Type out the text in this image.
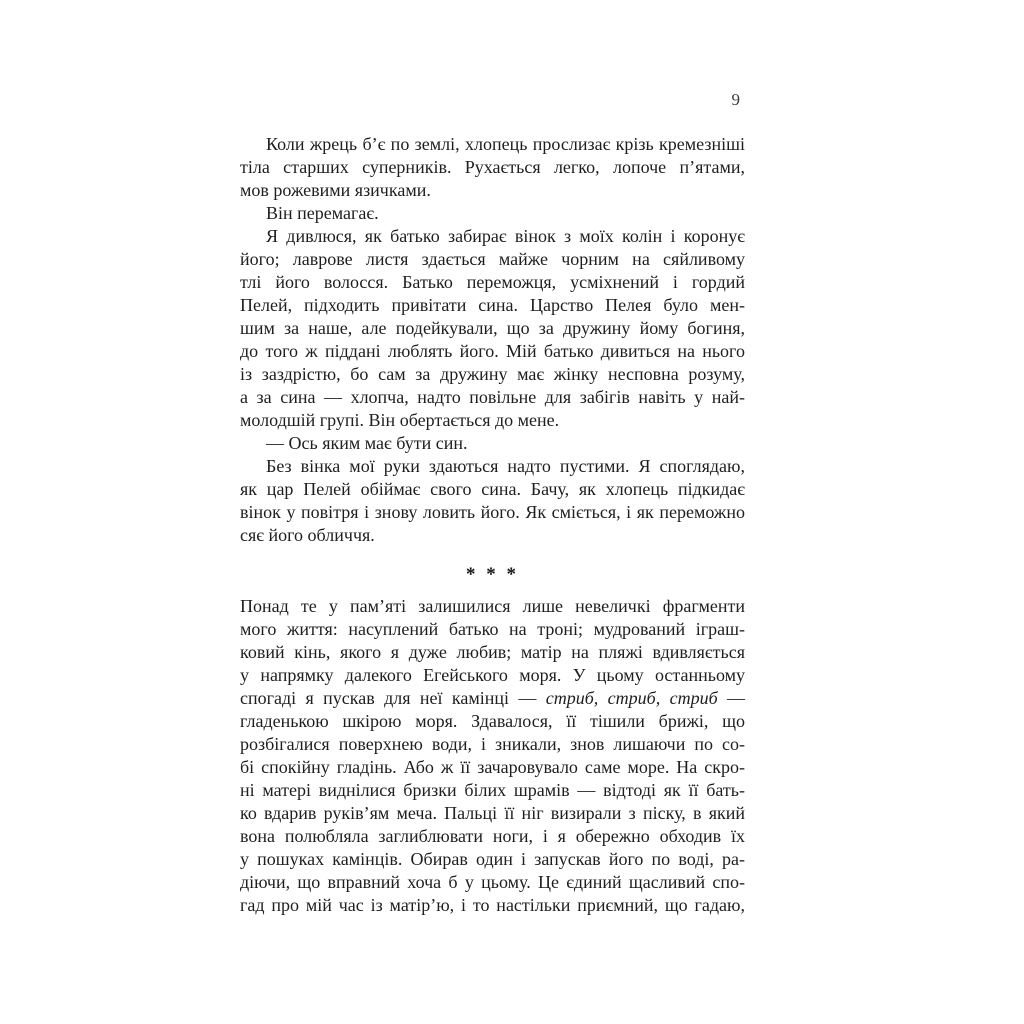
9
Коли жрець б’є по землі, хлопець прослизає крізь кремезніші
тіла старших суперників. Рухається легко, лопоче п’ятами,
мов рожевими язичками.
Він перемагає.
Я дивлюся, як батько забирає вінок з моїх колін і коронує
його; лаврове листя здається майже чорним на сяйливому
тлі його волосся. Батько переможця, усміхнений і гордий
Пелей, підходить привітати сина. Царство Пелея було мен-
шим за наше, але подейкували, що за дружину йому богиня,
до того ж піддані люблять його. Мій батько дивиться на нього
із заздрістю, бо сам за дружину має жінку несповна розуму,
а за сина — хлопча, надто повільне для забігів навіть у най-
молодшій групі. Він обертається до мене.
— Ось яким має бути син.
Без вінка мої руки здаються надто пустими. Я споглядаю,
як цар Пелей обіймає свого сина. Бачу, як хлопець підкидає
вінок у повітря і знову ловить його. Як сміється, і як переможно
сяє його обличчя.
* * *
Понад те у пам’яті залишилися лише невеличкі фрагменти
мого життя: насуплений батько на троні; мудрований іграш-
ковий кінь, якого я дуже любив; матір на пляжі вдивляється
у напрямку далекого Егейського моря. У цьому останньому
спогаді я пускав для неї камінці — стриб, стриб, стриб —
гладенькою шкірою моря. Здавалося, її тішили брижі, що
розбігалися поверхнею води, і зникали, знов лишаючи по со-
бі спокійну гладінь. Або ж її зачаровувало саме море. На скро-
ні матері виднілися бризки білих шрамів — відтоді як її бать-
ко вдарив руків’ям меча. Пальці її ніг визирали з піску, в який
вона полюбляла заглиблювати ноги, і я обережно обходив їх
у пошуках камінців. Обирав один і запускав його по воді, ра-
діючи, що вправний хоча б у цьому. Це єдиний щасливий спо-
гад про мій час із матір’ю, і то настільки приємний, що гадаю,
